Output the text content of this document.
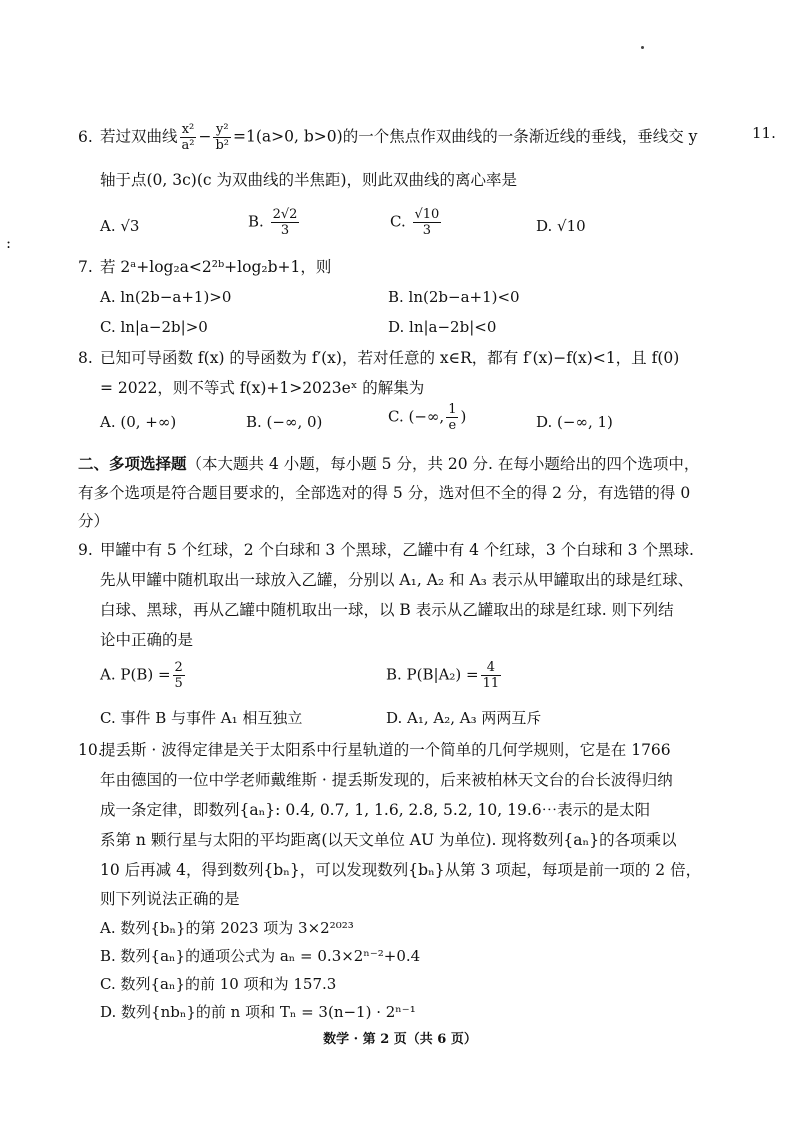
:
11.
6. 若过双曲线 $\frac{\text{x²}}{\text{a²}} - \frac{\text{y²}}{\text{b²}} =1(a>0$, b>0)的一个焦点作双曲线的一条渐近线的垂线，垂线交 y
轴于点(0, 3c)(c 为双曲线的半焦距)，则此双曲线的离心率是
A. √3	B. $\frac{2√2}{3}$	C. $\frac{√10}{3}$	D. √10
7. 若 2ᵃ+log₂a<2²ᵇ+log₂b+1，则
A. ln(2b−a+1)>0	B. ln(2b−a+1)<0
C. ln|a−2b|>0	D. ln|a−2b|<0
8. 已知可导函数 f(x) 的导函数为 f′(x)，若对任意的 x∈R，都有 f′(x)−f(x)<1，且 f(0)
= 2022，则不等式 f(x)+1>2023eˣ 的解集为
A. (0, +∞)	B. (−∞, 0)	C. (−∞, $\frac{1}{e}$ )	D. (−∞, 1)
二、多项选择题（本大题共 4 小题，每小题 5 分，共 20 分. 在每小题给出的四个选项中，
有多个选项是符合题目要求的，全部选对的得 5 分，选对但不全的得 2 分，有选错的得 0
分）
9. 甲罐中有 5 个红球，2 个白球和 3 个黑球，乙罐中有 4 个红球，3 个白球和 3 个黑球.
先从甲罐中随机取出一球放入乙罐，分别以 A₁, A₂ 和 A₃ 表示从甲罐取出的球是红球、
白球、黑球，再从乙罐中随机取出一球，以 B 表示从乙罐取出的球是红球. 则下列结
论中正确的是
A. $P(B) = \frac{2}{5}$	B. $P(B|A_2) = \frac{4}{11}$
C. 事件 B 与事件 A₁ 相互独立	D. A₁, A₂, A₃ 两两互斥
10.提丢斯 · 波得定律是关于太阳系中行星轨道的一个简单的几何学规则，它是在 1766
年由德国的一位中学老师戴维斯 · 提丢斯发现的，后来被柏林天文台的台长波得归纳
成一条定律，即数列{aₙ}: 0.4, 0.7, 1, 1.6, 2.8, 5.2, 10, 19.6⋯表示的是太阳
系第 n 颗行星与太阳的平均距离(以天文单位 AU 为单位). 现将数列{aₙ}的各项乘以
10 后再减 4，得到数列{bₙ}，可以发现数列{bₙ}从第 3 项起，每项是前一项的 2 倍，
则下列说法正确的是
A. 数列{bₙ}的第 2023 项为 3×2²⁰²³
B. 数列{aₙ}的通项公式为 aₙ = 0.3×2ⁿ⁻²+0.4
C. 数列{aₙ}的前 10 项和为 157.3
D. 数列{nbₙ}的前 n 项和 Tₙ = 3(n−1) · 2ⁿ⁻¹
数学 · 第 2 页（共 6 页）
